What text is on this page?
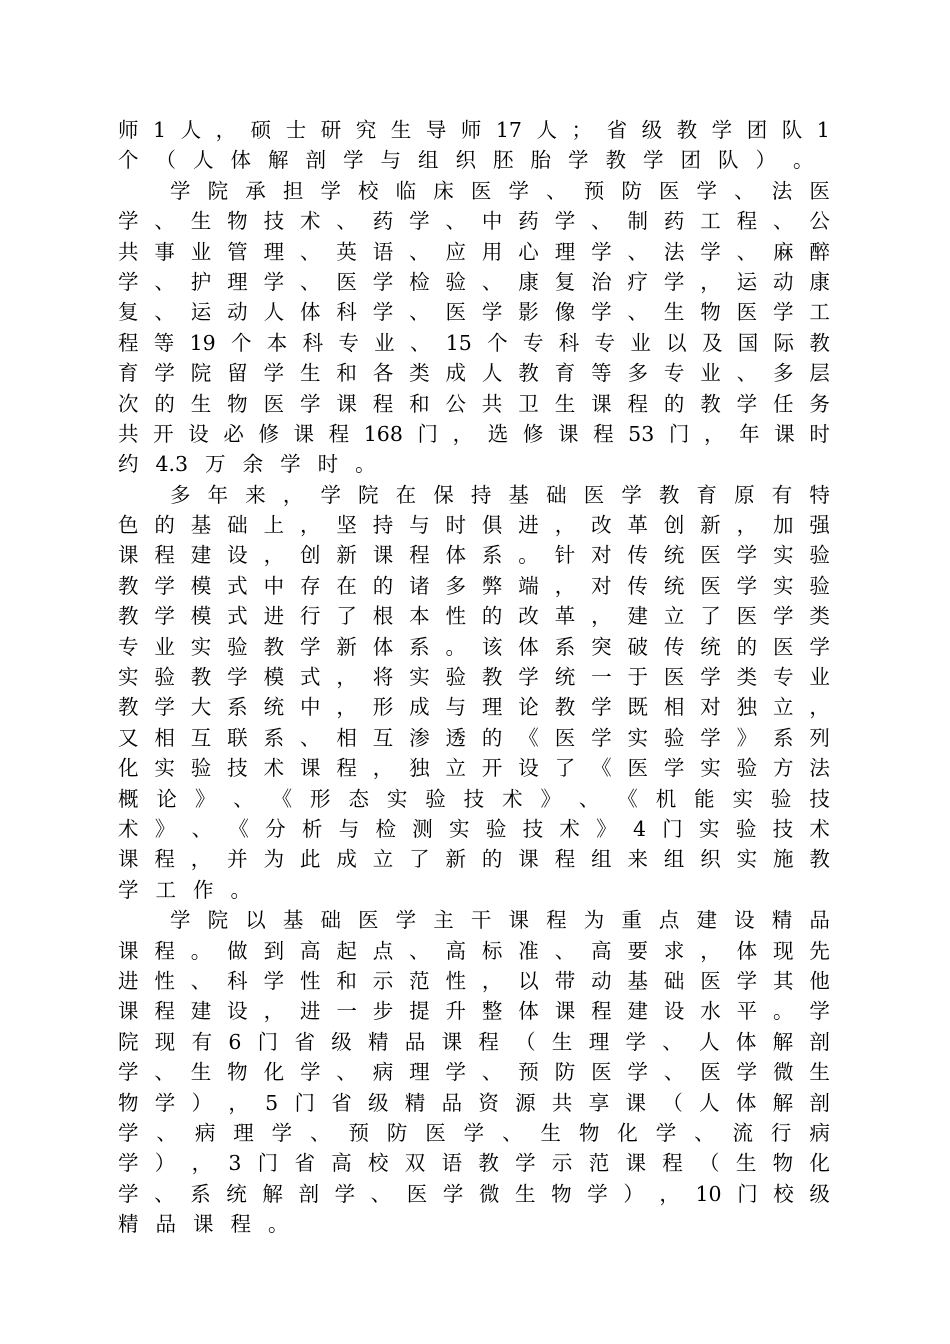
师 1 人 ， 硕 士 研 究 生 导 师 17 人 ； 省 级 教 学 团 队 1
个 （ 人 体 解 剖 学 与 组 织 胚 胎 学 教 学 团 队 ） 。
学 院 承 担 学 校 临 床 医 学 、 预 防 医 学 、 法 医
学 、 生 物 技 术 、 药 学 、 中 药 学 、 制 药 工 程 、 公
共 事 业 管 理 、 英 语 、 应 用 心 理 学 、 法 学 、 麻 醉
学 、 护 理 学 、 医 学 检 验 、 康 复 治 疗 学 ， 运 动 康
复 、 运 动 人 体 科 学 、 医 学 影 像 学 、 生 物 医 学 工
程 等 19 个 本 科 专 业 、 15 个 专 科 专 业 以 及 国 际 教
育 学 院 留 学 生 和 各 类 成 人 教 育 等 多 专 业 、 多 层
次 的 生 物 医 学 课 程 和 公 共 卫 生 课 程 的 教 学 任 务
共 开 设 必 修 课 程 168 门 ， 选 修 课 程 53 门 ， 年 课 时
约 4.3 万 余 学 时 。
多 年 来 ， 学 院 在 保 持 基 础 医 学 教 育 原 有 特
色 的 基 础 上 ， 坚 持 与 时 俱 进 ， 改 革 创 新 ， 加 强
课 程 建 设 ， 创 新 课 程 体 系 。 针 对 传 统 医 学 实 验
教 学 模 式 中 存 在 的 诸 多 弊 端 ， 对 传 统 医 学 实 验
教 学 模 式 进 行 了 根 本 性 的 改 革 ， 建 立 了 医 学 类
专 业 实 验 教 学 新 体 系 。 该 体 系 突 破 传 统 的 医 学
实 验 教 学 模 式 ， 将 实 验 教 学 统 一 于 医 学 类 专 业
教 学 大 系 统 中 ， 形 成 与 理 论 教 学 既 相 对 独 立 ，
又 相 互 联 系 、 相 互 渗 透 的 《 医 学 实 验 学 》 系 列
化 实 验 技 术 课 程 ， 独 立 开 设 了 《 医 学 实 验 方 法
概 论 》 、 《 形 态 实 验 技 术 》 、 《 机 能 实 验 技
术 》 、 《 分 析 与 检 测 实 验 技 术 》 4 门 实 验 技 术
课 程 ， 并 为 此 成 立 了 新 的 课 程 组 来 组 织 实 施 教
学 工 作 。
学 院 以 基 础 医 学 主 干 课 程 为 重 点 建 设 精 品
课 程 。 做 到 高 起 点 、 高 标 准 、 高 要 求 ， 体 现 先
进 性 、 科 学 性 和 示 范 性 ， 以 带 动 基 础 医 学 其 他
课 程 建 设 ， 进 一 步 提 升 整 体 课 程 建 设 水 平 。 学
院 现 有 6 门 省 级 精 品 课 程 （ 生 理 学 、 人 体 解 剖
学 、 生 物 化 学 、 病 理 学 、 预 防 医 学 、 医 学 微 生
物 学 ） ， 5 门 省 级 精 品 资 源 共 享 课 （ 人 体 解 剖
学 、 病 理 学 、 预 防 医 学 、 生 物 化 学 、 流 行 病
学 ） ， 3 门 省 高 校 双 语 教 学 示 范 课 程 （ 生 物 化
学 、 系 统 解 剖 学 、 医 学 微 生 物 学 ） ， 10 门 校 级
精 品 课 程 。
